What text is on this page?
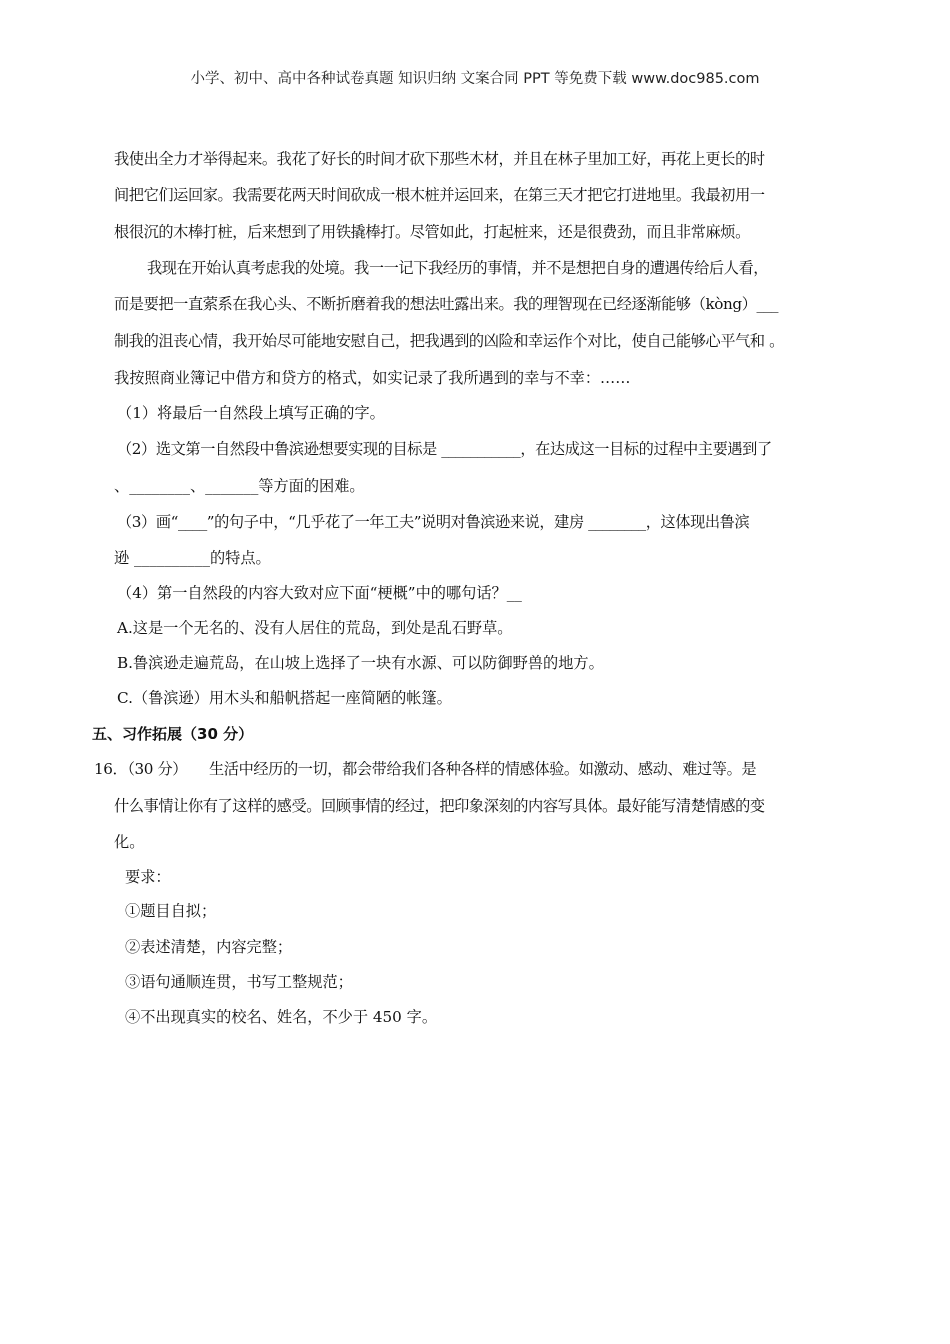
小学、初中、高中各种试卷真题 知识归纳 文案合同 PPT 等免费下载 www.doc985.com
我使出全力才举得起来。我花了好长的时间才砍下那些木材，并且在林子里加工好，再花上更长的时
间把它们运回家。我需要花两天时间砍成一根木桩并运回来，在第三天才把它打进地里。我最初用一
根很沉的木棒打桩，后来想到了用铁撬棒打。尽管如此，打起桩来，还是很费劲，而且非常麻烦。
我现在开始认真考虑我的处境。我一一记下我经历的事情，并不是想把自身的遭遇传给后人看，
而是要把一直萦系在我心头、不断折磨着我的想法吐露出来。我的理智现在已经逐渐能够（kòng）___
制我的沮丧心情，我开始尽可能地安慰自己，把我遇到的凶险和幸运作个对比，使自己能够心平气和 。
我按照商业簿记中借方和贷方的格式，如实记录了我所遇到的幸与不幸：……
（1）将最后一自然段上填写正确的字。
（2）选文第一自然段中鲁滨逊想要实现的目标是 ___________，在达成这一目标的过程中主要遇到了
、________、_______等方面的困难。
（3）画“____”的句子中，“几乎花了一年工夫”说明对鲁滨逊来说，建房 ________，这体现出鲁滨
逊 __________的特点。
（4）第一自然段的内容大致对应下面“梗概”中的哪句话？__
A.这是一个无名的、没有人居住的荒岛，到处是乱石野草。
B.鲁滨逊走遍荒岛，在山坡上选择了一块有水源、可以防御野兽的地方。
C.（鲁滨逊）用木头和船帆搭起一座简陋的帐篷。
五、习作拓展（30 分）
16．（30 分）　　生活中经历的一切，都会带给我们各种各样的情感体验。如激动、感动、难过等。是
什么事情让你有了这样的感受。回顾事情的经过，把印象深刻的内容写具体。最好能写清楚情感的变
化。
要求：
①题目自拟；
②表述清楚，内容完整；
③语句通顺连贯，书写工整规范；
④不出现真实的校名、姓名，不少于 450 字。
